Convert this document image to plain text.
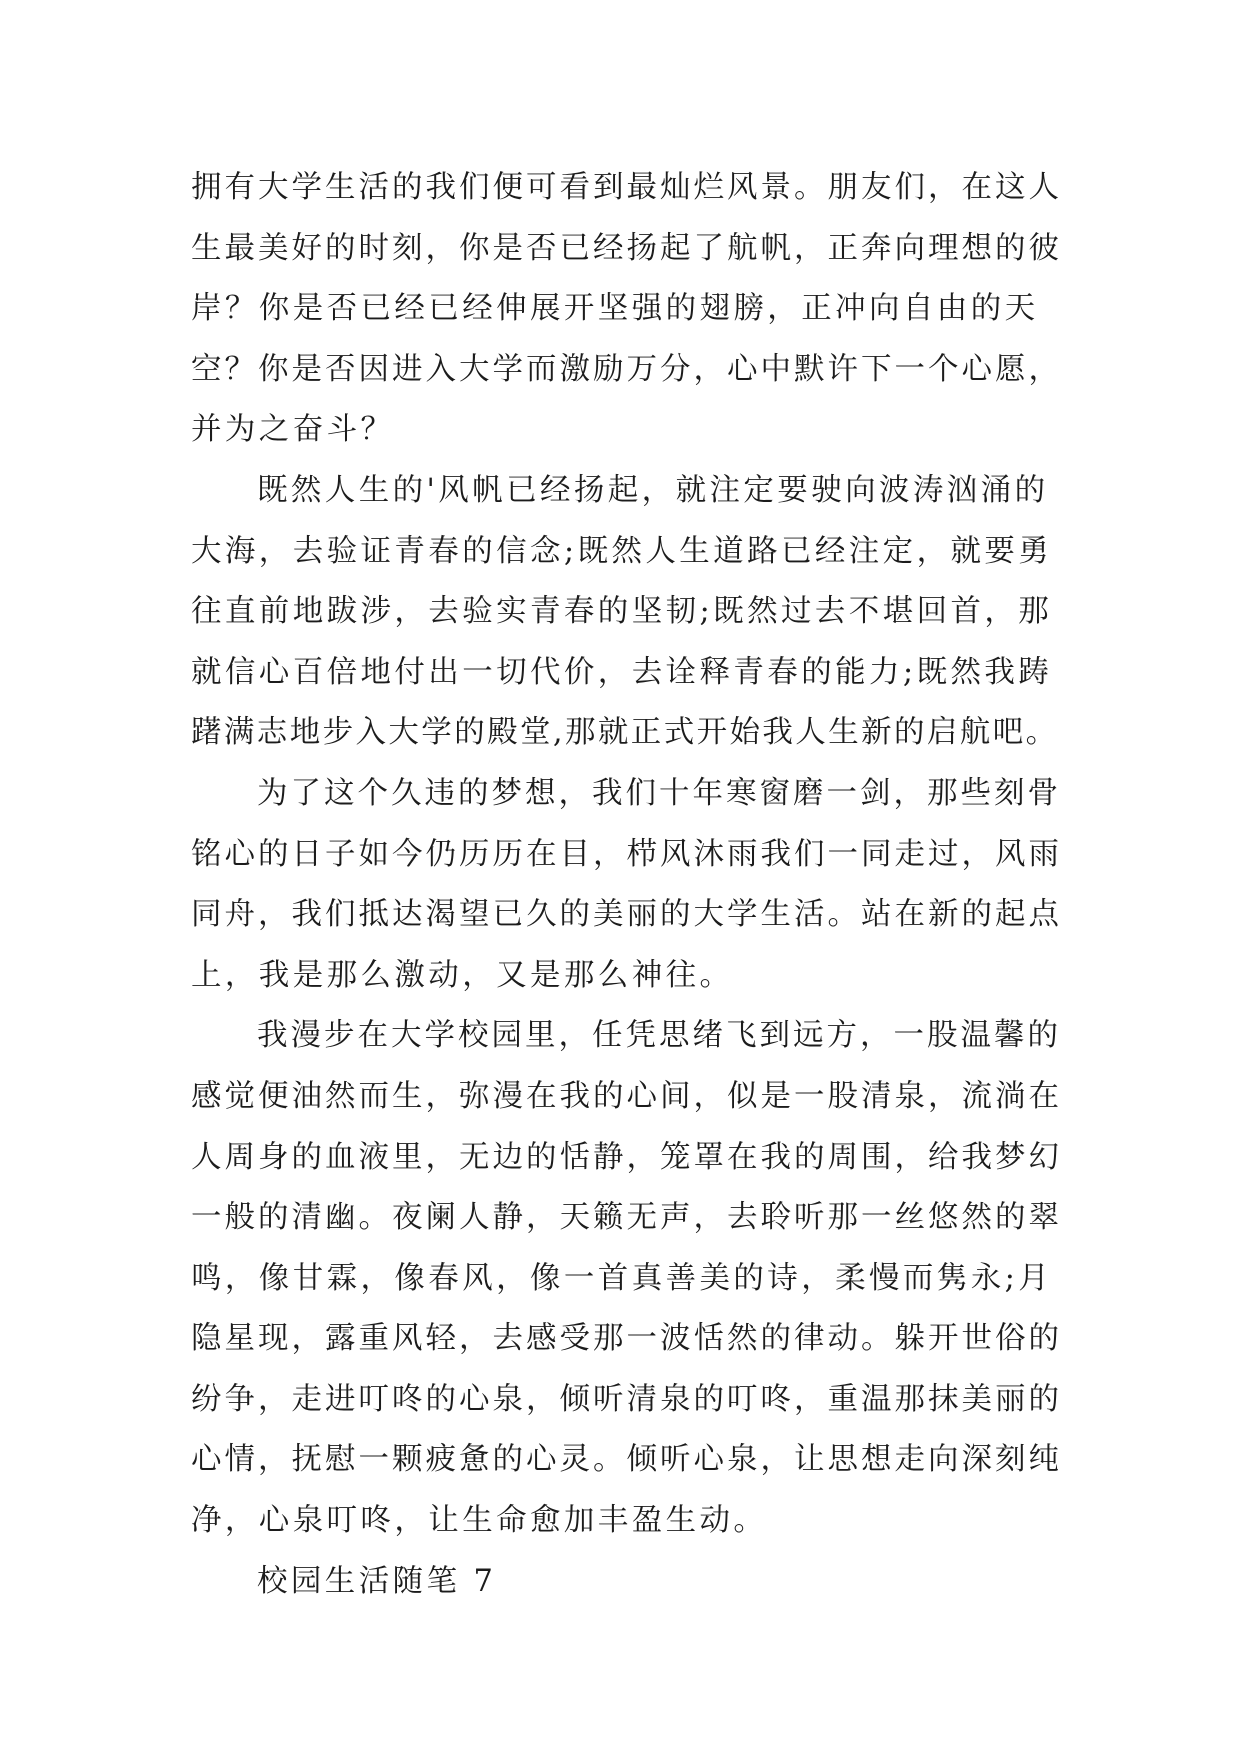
拥有大学生活的我们便可看到最灿烂风景。朋友们，在这人
生最美好的时刻，你是否已经扬起了航帆，正奔向理想的彼
岸？你是否已经已经伸展开坚强的翅膀，正冲向自由的天
空？你是否因进入大学而激励万分，心中默许下一个心愿，
并为之奋斗？
既然人生的'风帆已经扬起，就注定要驶向波涛汹涌的
大海，去验证青春的信念;既然人生道路已经注定，就要勇
往直前地跋涉，去验实青春的坚韧;既然过去不堪回首，那
就信心百倍地付出一切代价，去诠释青春的能力;既然我踌
躇满志地步入大学的殿堂,那就正式开始我人生新的启航吧。
为了这个久违的梦想，我们十年寒窗磨一剑，那些刻骨
铭心的日子如今仍历历在目，栉风沐雨我们一同走过，风雨
同舟，我们抵达渴望已久的美丽的大学生活。站在新的起点
上，我是那么激动，又是那么神往。
我漫步在大学校园里，任凭思绪飞到远方，一股温馨的
感觉便油然而生，弥漫在我的心间，似是一股清泉，流淌在
人周身的血液里，无边的恬静，笼罩在我的周围，给我梦幻
一般的清幽。夜阑人静，天籁无声，去聆听那一丝悠然的翠
鸣，像甘霖，像春风，像一首真善美的诗，柔慢而隽永;月
隐星现，露重风轻，去感受那一波恬然的律动。躲开世俗的
纷争，走进叮咚的心泉，倾听清泉的叮咚，重温那抹美丽的
心情，抚慰一颗疲惫的心灵。倾听心泉，让思想走向深刻纯
净，心泉叮咚，让生命愈加丰盈生动。
校园生活随笔 7
